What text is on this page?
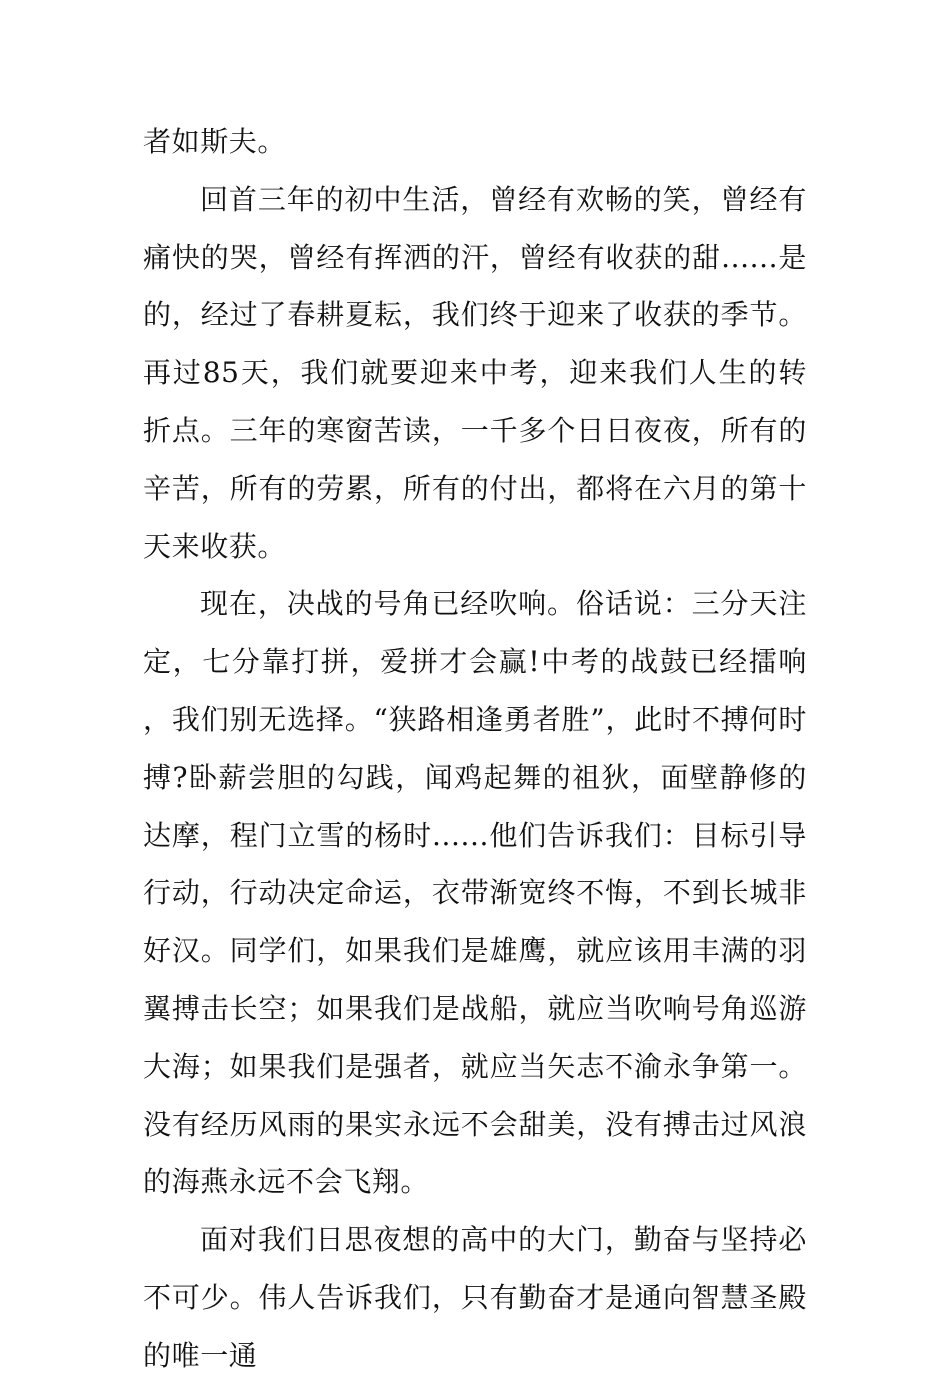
者如斯夫。

回首三年的初中生活，曾经有欢畅的笑，曾经有痛快的哭，曾经有挥洒的汗，曾经有收获的甜......是的，经过了春耕夏耘，我们终于迎来了收获的季节。再过85天，我们就要迎来中考，迎来我们人生的转折点。三年的寒窗苦读，一千多个日日夜夜，所有的辛苦，所有的劳累，所有的付出，都将在六月的第十天来收获。

现在，决战的号角已经吹响。俗话说：三分天注定，七分靠打拼，爱拼才会赢!中考的战鼓已经擂响，我们别无选择。“狭路相逢勇者胜”，此时不搏何时搏?卧薪尝胆的勾践，闻鸡起舞的祖狄，面壁静修的达摩，程门立雪的杨时......他们告诉我们：目标引导行动，行动决定命运，衣带渐宽终不悔，不到长城非好汉。同学们，如果我们是雄鹰，就应该用丰满的羽翼搏击长空；如果我们是战船，就应当吹响号角巡游大海；如果我们是强者，就应当矢志不渝永争第一。没有经历风雨的果实永远不会甜美，没有搏击过风浪的海燕永远不会飞翔。

面对我们日思夜想的高中的大门，勤奋与坚持必不可少。伟人告诉我们，只有勤奋才是通向智慧圣殿的唯一通
